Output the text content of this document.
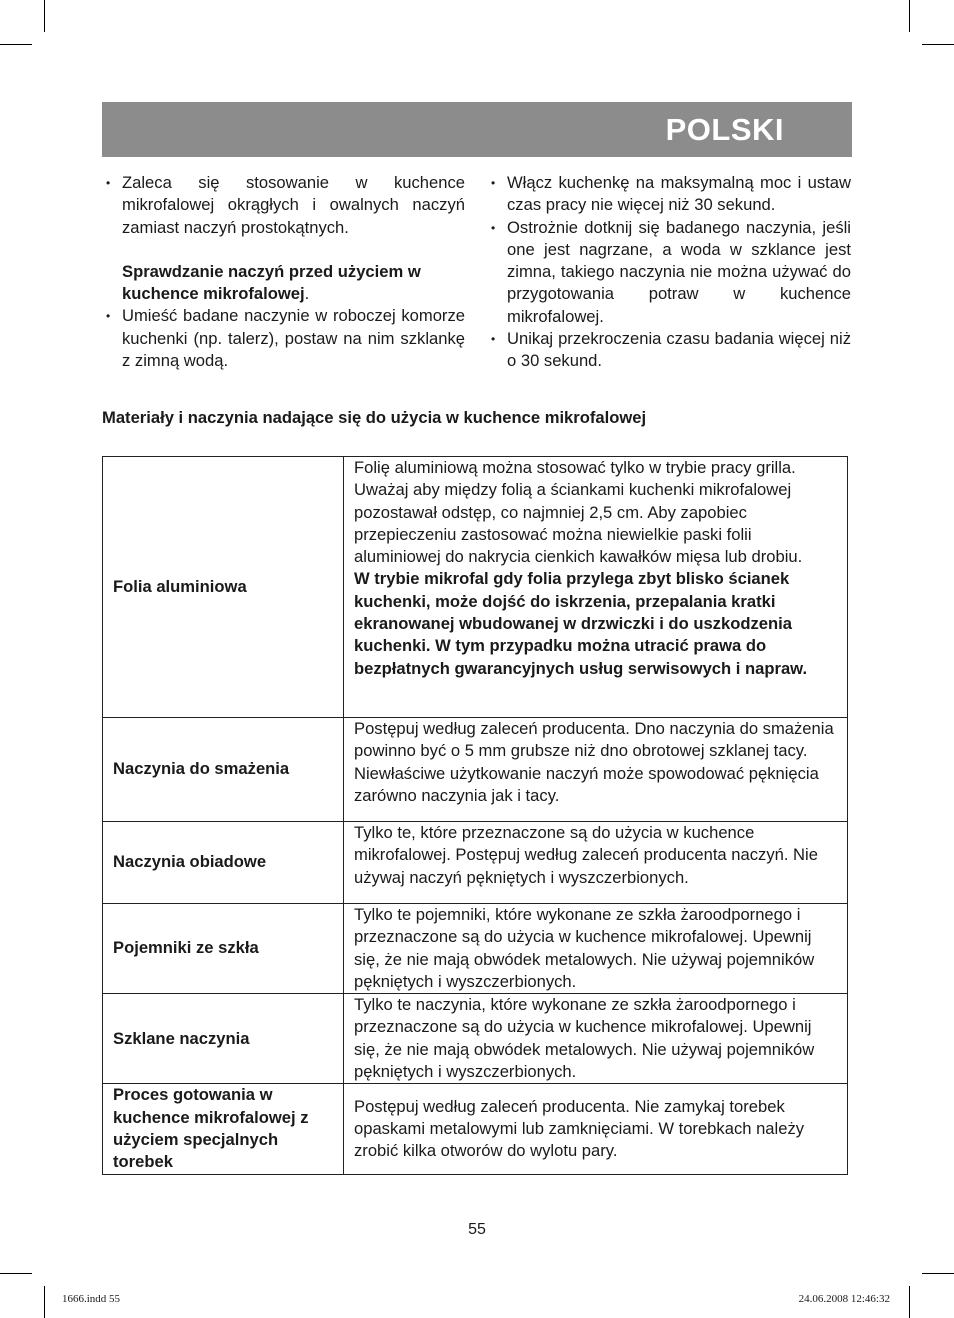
POLSKI

• Zaleca się stosowanie w kuchence mikrofalowej okrągłych i owalnych naczyń zamiast naczyń prostokątnych.

Sprawdzanie naczyń przed użyciem w kuchence mikrofalowej.

• Umieść badane naczynie w roboczej komorze kuchenki (np. talerz), postaw na nim szklankę z zimną wodą.

• Włącz kuchenkę na maksymalną moc i ustaw czas pracy nie więcej niż 30 sekund.

• Ostrożnie dotknij się badanego naczynia, jeśli one jest nagrzane, a woda w szklance jest zimna, takiego naczynia nie można używać do przygotowania potraw w kuchence mikrofalowej.

• Unikaj przekroczenia czasu badania więcej niż o 30 sekund.

Materiały i naczynia nadające się do użycia w kuchence mikrofalowej
Folia aluminiowa	Folię aluminiową można stosować tylko w trybie pracy grilla. Uważaj aby między folią a ściankami kuchenki mikrofalowej pozostawał odstęp, co najmniej 2,5 cm. Aby zapobiec przepieczeniu zastosować można niewielkie paski folii aluminiowej do nakrycia cienkich kawałków mięsa lub drobiu.
W trybie mikrofal gdy folia przylega zbyt blisko ścianek kuchenki, może dojść do iskrzenia, przepalania kratki ekranowanej wbudowanej w drzwiczki i do uszkodzenia kuchenki. W tym przypadku można utracić prawa do bezpłatnych gwarancyjnych usług serwisowych i napraw.

Naczynia do smażenia	Postępuj według zaleceń producenta. Dno naczynia do smażenia powinno być o 5 mm grubsze niż dno obrotowej szklanej tacy. Niewłaściwe użytkowanie naczyń może spowodować pęknięcia zarówno naczynia jak i tacy.
Naczynia obiadowe	Tylko te, które przeznaczone są do użycia w kuchence mikrofalowej. Postępuj według zaleceń producenta naczyń. Nie używaj naczyń pękniętych i wyszczerbionych.
Pojemniki ze szkła	Tylko te pojemniki, które wykonane ze szkła żaroodpornego i przeznaczone są do użycia w kuchence mikrofalowej. Upewnij się, że nie mają obwódek metalowych. Nie używaj pojemników pękniętych i wyszczerbionych.
Szklane naczynia	Tylko te naczynia, które wykonane ze szkła żaroodpornego i przeznaczone są do użycia w kuchence mikrofalowej. Upewnij się, że nie mają obwódek metalowych. Nie używaj pojemników pękniętych i wyszczerbionych.
Proces gotowania w kuchence mikrofalowej z użyciem specjalnych torebek	Postępuj według zaleceń producenta. Nie zamykaj torebek opaskami metalowymi lub zamknięciami. W torebkach należy zrobić kilka otworów do wylotu pary.
55
1666.indd 55	24.06.2008 12:46:32
